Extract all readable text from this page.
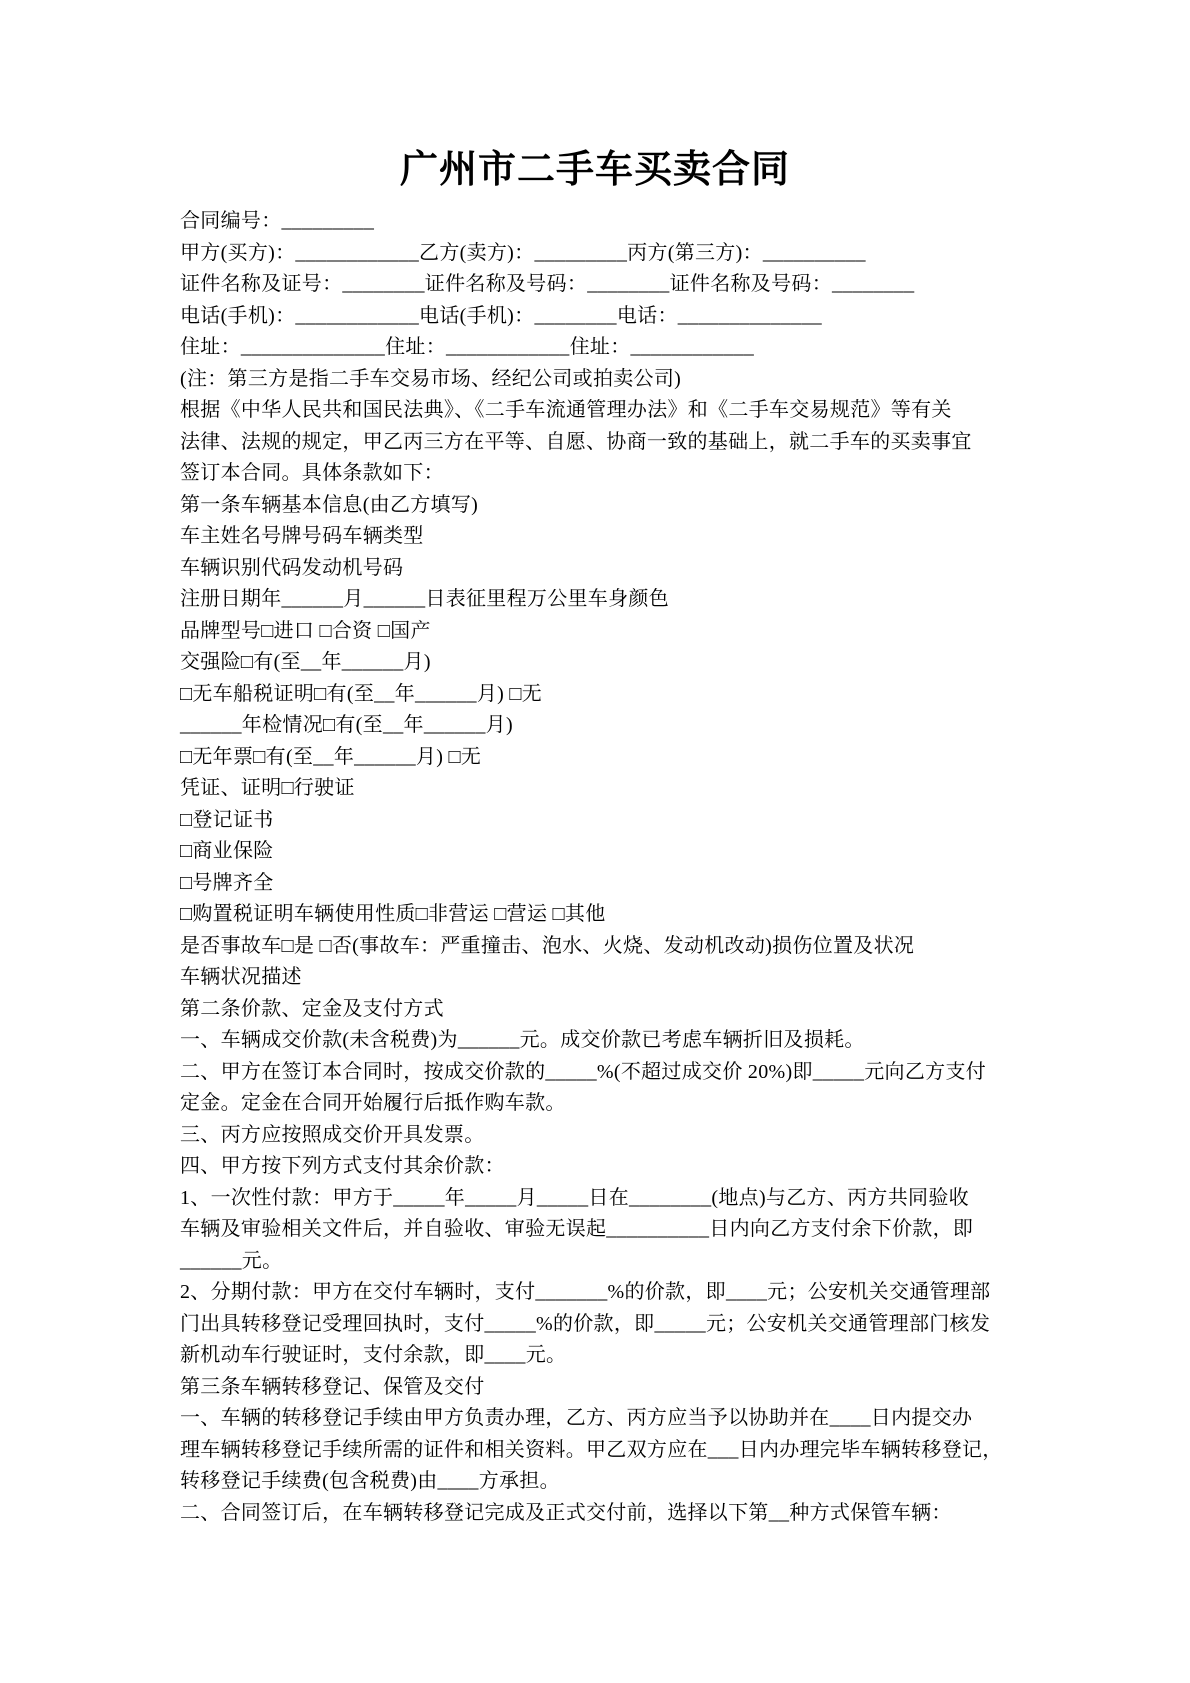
广州市二手车买卖合同

合同编号：_________

甲方(买方)：____________乙方(卖方)：_________丙方(第三方)：__________

证件名称及证号：________证件名称及号码：________证件名称及号码：________

电话(手机)：____________电话(手机)：________电话：______________

住址：______________住址：____________住址：____________

(注：第三方是指二手车交易市场、经纪公司或拍卖公司)

根据《中华人民共和国民法典》、《二手车流通管理办法》和《二手车交易规范》等有关

法律、法规的规定，甲乙丙三方在平等、自愿、协商一致的基础上，就二手车的买卖事宜

签订本合同。具体条款如下：

第一条车辆基本信息(由乙方填写)

车主姓名号牌号码车辆类型

车辆识别代码发动机号码

注册日期年______月______日表征里程万公里车身颜色

品牌型号□进口 □合资 □国产

交强险□有(至__年______月)

□无车船税证明□有(至__年______月) □无

______年检情况□有(至__年______月)

□无年票□有(至__年______月) □无

凭证、证明□行驶证

□登记证书

□商业保险

□号牌齐全

□购置税证明车辆使用性质□非营运 □营运 □其他

是否事故车□是 □否(事故车：严重撞击、泡水、火烧、发动机改动)损伤位置及状况

车辆状况描述

第二条价款、定金及支付方式

一、车辆成交价款(未含税费)为______元。成交价款已考虑车辆折旧及损耗。

二、甲方在签订本合同时，按成交价款的_____%(不超过成交价 20%)即_____元向乙方支付

定金。定金在合同开始履行后抵作购车款。

三、丙方应按照成交价开具发票。

四、甲方按下列方式支付其余价款：

1、一次性付款：甲方于_____年_____月_____日在________(地点)与乙方、丙方共同验收

车辆及审验相关文件后，并自验收、审验无误起__________日内向乙方支付余下价款，即

______元。

2、分期付款：甲方在交付车辆时，支付_______%的价款，即____元；公安机关交通管理部

门出具转移登记受理回执时，支付_____%的价款，即_____元；公安机关交通管理部门核发

新机动车行驶证时，支付余款，即____元。

第三条车辆转移登记、保管及交付

一、车辆的转移登记手续由甲方负责办理，乙方、丙方应当予以协助并在____日内提交办

理车辆转移登记手续所需的证件和相关资料。甲乙双方应在___日内办理完毕车辆转移登记，

转移登记手续费(包含税费)由____方承担。

二、合同签订后，在车辆转移登记完成及正式交付前，选择以下第__种方式保管车辆：
